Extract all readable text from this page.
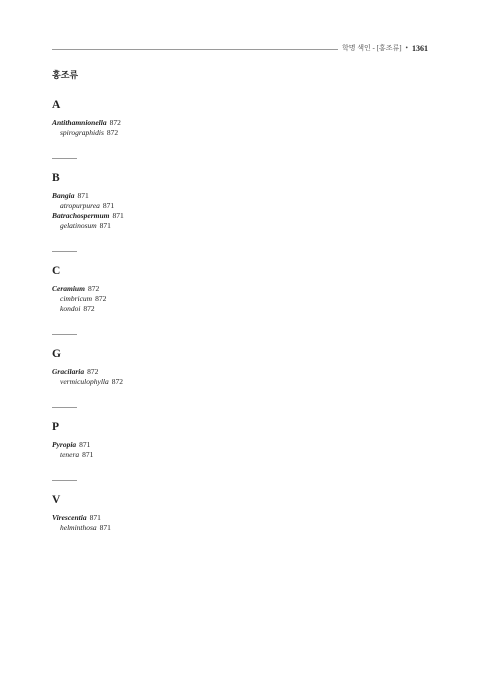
학명 색인 - [홍조류] • 1361
홍조류
A
Antithamnionella 872
spirographidis 872
B
Bangia 871
atropurpurea 871
Batrachospermum 871
gelatinosum 871
C
Ceramium 872
cimbricum 872
kondoi 872
G
Gracilaria 872
vermiculophylla 872
P
Pyropia 871
tenera 871
V
Virescentia 871
helminthosa 871
